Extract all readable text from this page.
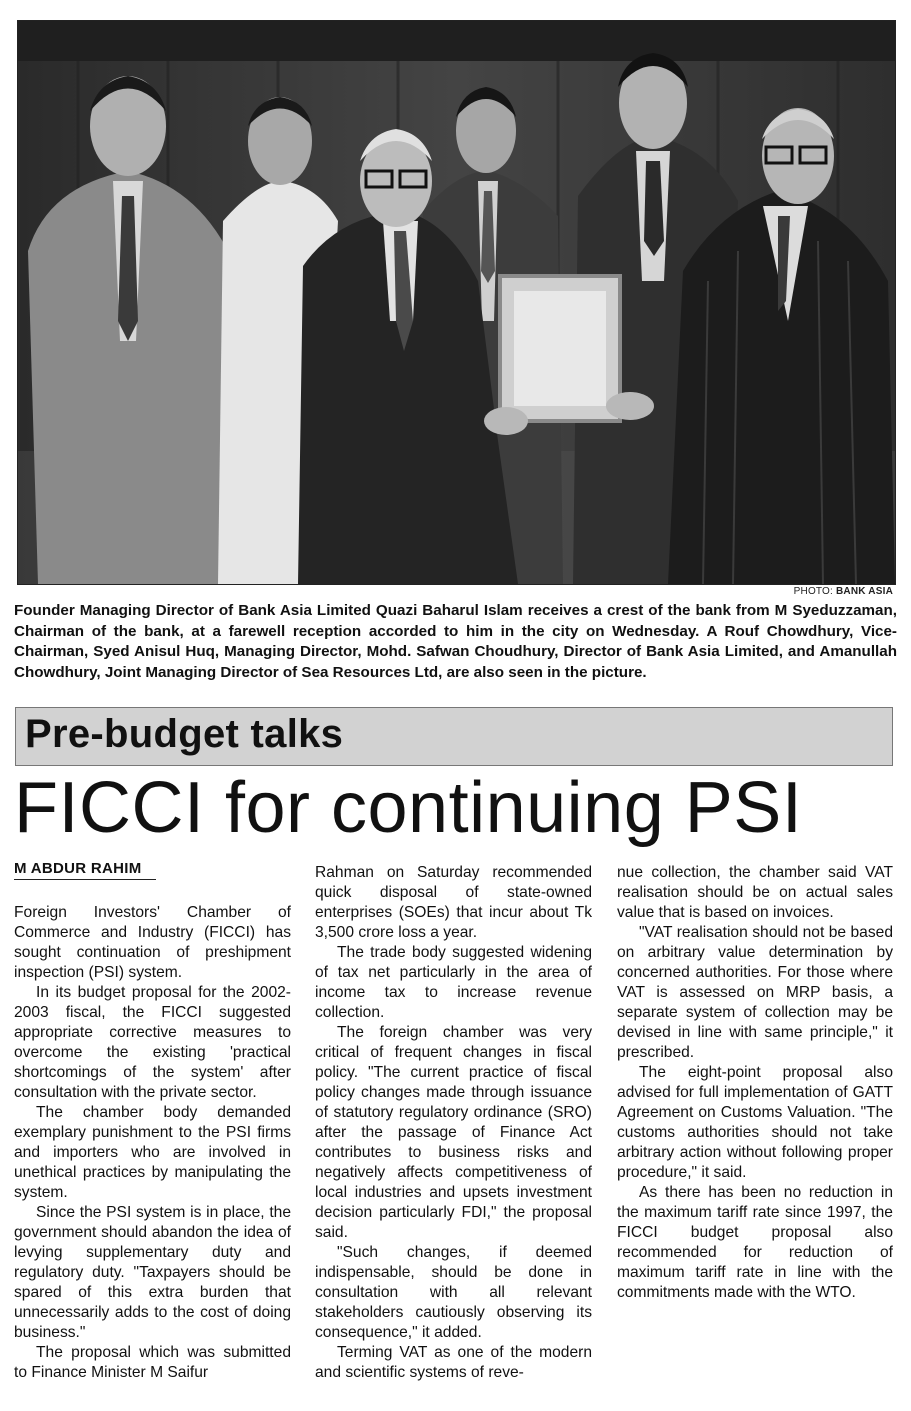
PHOTO: BANK ASIA

Founder Managing Director of Bank Asia Limited Quazi Baharul Islam receives a crest of the bank from M Syeduzzaman, Chairman of the bank, at a farewell reception accorded to him in the city on Wednesday. A Rouf Chowdhury, Vice-Chairman, Syed Anisul Huq, Managing Director, Mohd. Safwan Choudhury, Director of Bank Asia Limited, and Amanullah Chowdhury, Joint Managing Director of Sea Resources Ltd, are also seen in the picture.

Pre-budget talks
FICCI for continuing PSI
M ABDUR RAHIM

Foreign Investors' Chamber of Commerce and Industry (FICCI) has sought continuation of preshipment inspection (PSI) system.

In its budget proposal for the 2002-2003 fiscal, the FICCI suggested appropriate corrective measures to overcome the existing 'practical shortcomings of the system' after consultation with the private sector.

The chamber body demanded exemplary punishment to the PSI firms and importers who are involved in unethical practices by manipulating the system.

Since the PSI system is in place, the government should abandon the idea of levying supplementary duty and regulatory duty. "Taxpayers should be spared of this extra burden that unnecessarily adds to the cost of doing business."

The proposal which was submitted to Finance Minister M Saifur

Rahman on Saturday recommended quick disposal of state-owned enterprises (SOEs) that incur about Tk 3,500 crore loss a year.

The trade body suggested widening of tax net particularly in the area of income tax to increase revenue collection.

The foreign chamber was very critical of frequent changes in fiscal policy. "The current practice of fiscal policy changes made through issuance of statutory regulatory ordinance (SRO) after the passage of Finance Act contributes to business risks and negatively affects competitiveness of local industries and upsets investment decision particularly FDI," the proposal said.

"Such changes, if deemed indispensable, should be done in consultation with all relevant stakeholders cautiously observing its consequence," it added.

Terming VAT as one of the modern and scientific systems of reve-

nue collection, the chamber said VAT realisation should be on actual sales value that is based on invoices.

"VAT realisation should not be based on arbitrary value determination by concerned authorities. For those where VAT is assessed on MRP basis, a separate system of collection may be devised in line with same principle," it prescribed.

The eight-point proposal also advised for full implementation of GATT Agreement on Customs Valuation. "The customs authorities should not take arbitrary action without following proper procedure," it said.

As there has been no reduction in the maximum tariff rate since 1997, the FICCI budget proposal also recommended for reduction of maximum tariff rate in line with the commitments made with the WTO.
